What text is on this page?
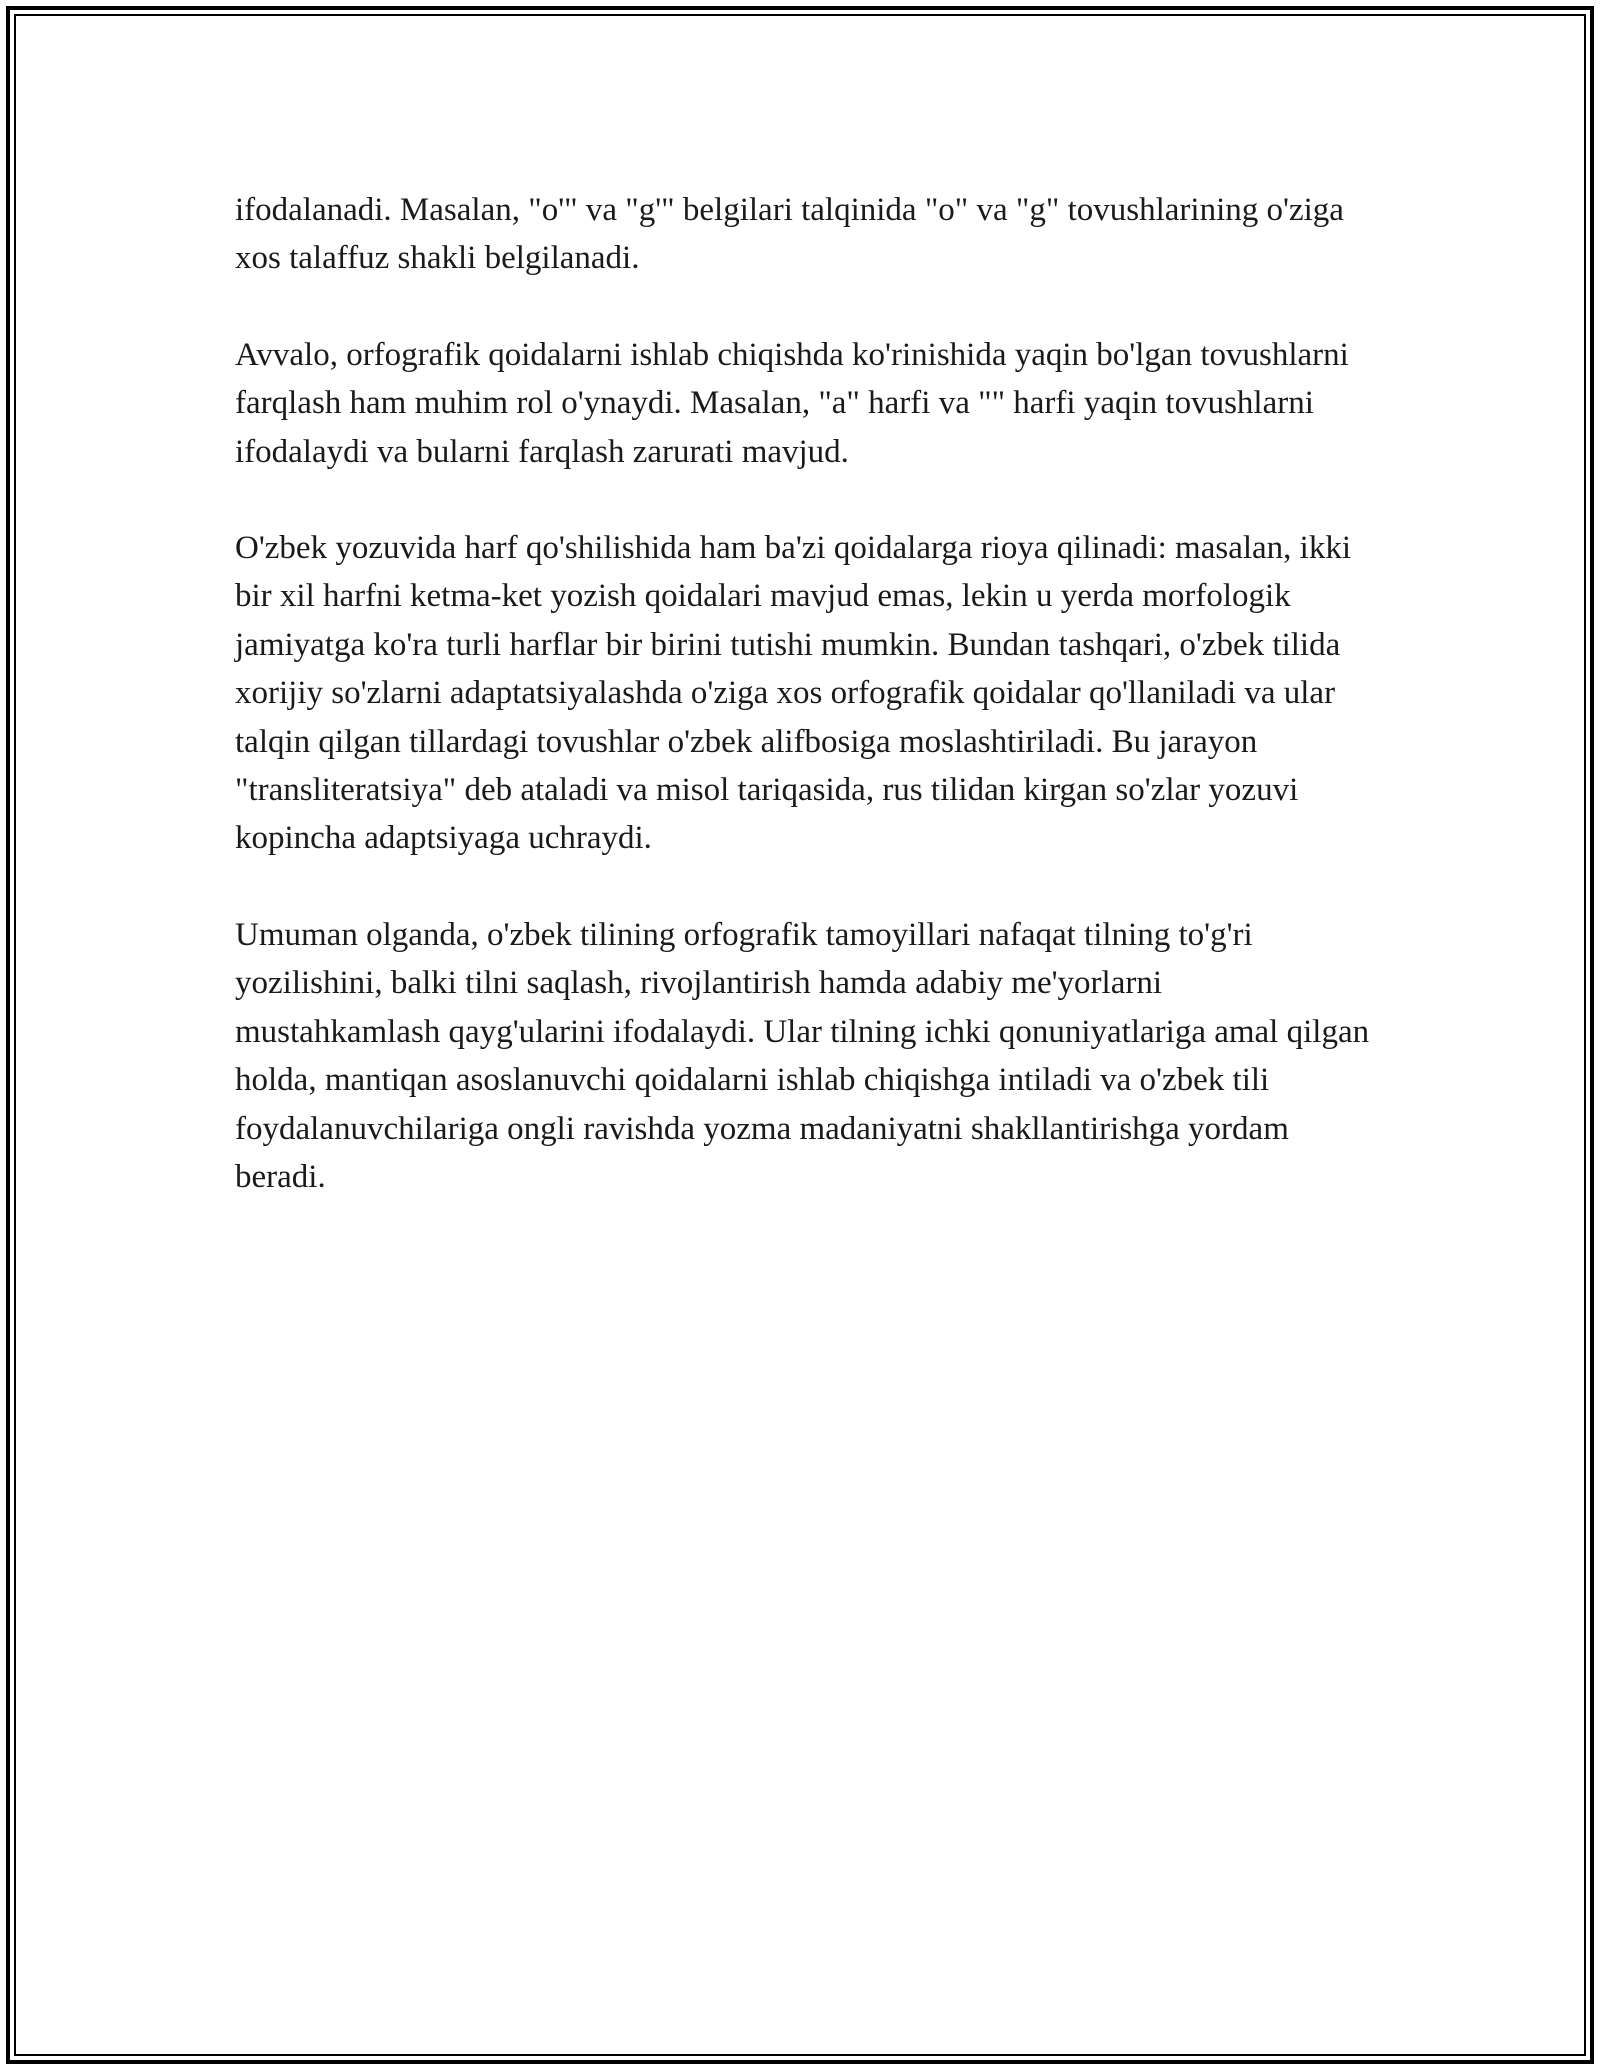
ifodalanadi. Masalan, "o'" va "g'" belgilari talqinida "o" va "g" tovushlarining o'ziga xos talaffuz shakli belgilanadi.

Avvalo, orfografik qoidalarni ishlab chiqishda ko'rinishida yaqin bo'lgan tovushlarni farqlash ham muhim rol o'ynaydi. Masalan, "a" harfi va "" harfi yaqin tovushlarni ifodalaydi va bularni farqlash zarurati mavjud.

O'zbek yozuvida harf qo'shilishida ham ba'zi qoidalarga rioya qilinadi: masalan, ikki bir xil harfni ketma-ket yozish qoidalari mavjud emas, lekin u yerda morfologik jamiyatga ko'ra turli harflar bir birini tutishi mumkin. Bundan tashqari, o'zbek tilida xorijiy so'zlarni adaptatsiyalashda o'ziga xos orfografik qoidalar qo'llaniladi va ular talqin qilgan tillardagi tovushlar o'zbek alifbosiga moslashtiriladi. Bu jarayon "transliteratsiya" deb ataladi va misol tariqasida, rus tilidan kirgan so'zlar yozuvi kopincha adaptsiyaga uchraydi.

Umuman olganda, o'zbek tilining orfografik tamoyillari nafaqat tilning to'g'ri yozilishini, balki tilni saqlash, rivojlantirish hamda adabiy me'yorlarni mustahkamlash qayg'ularini ifodalaydi. Ular tilning ichki qonuniyatlariga amal qilgan holda, mantiqan asoslanuvchi qoidalarni ishlab chiqishga intiladi va o'zbek tili foydalanuvchilariga ongli ravishda yozma madaniyatni shakllantirishga yordam beradi.
